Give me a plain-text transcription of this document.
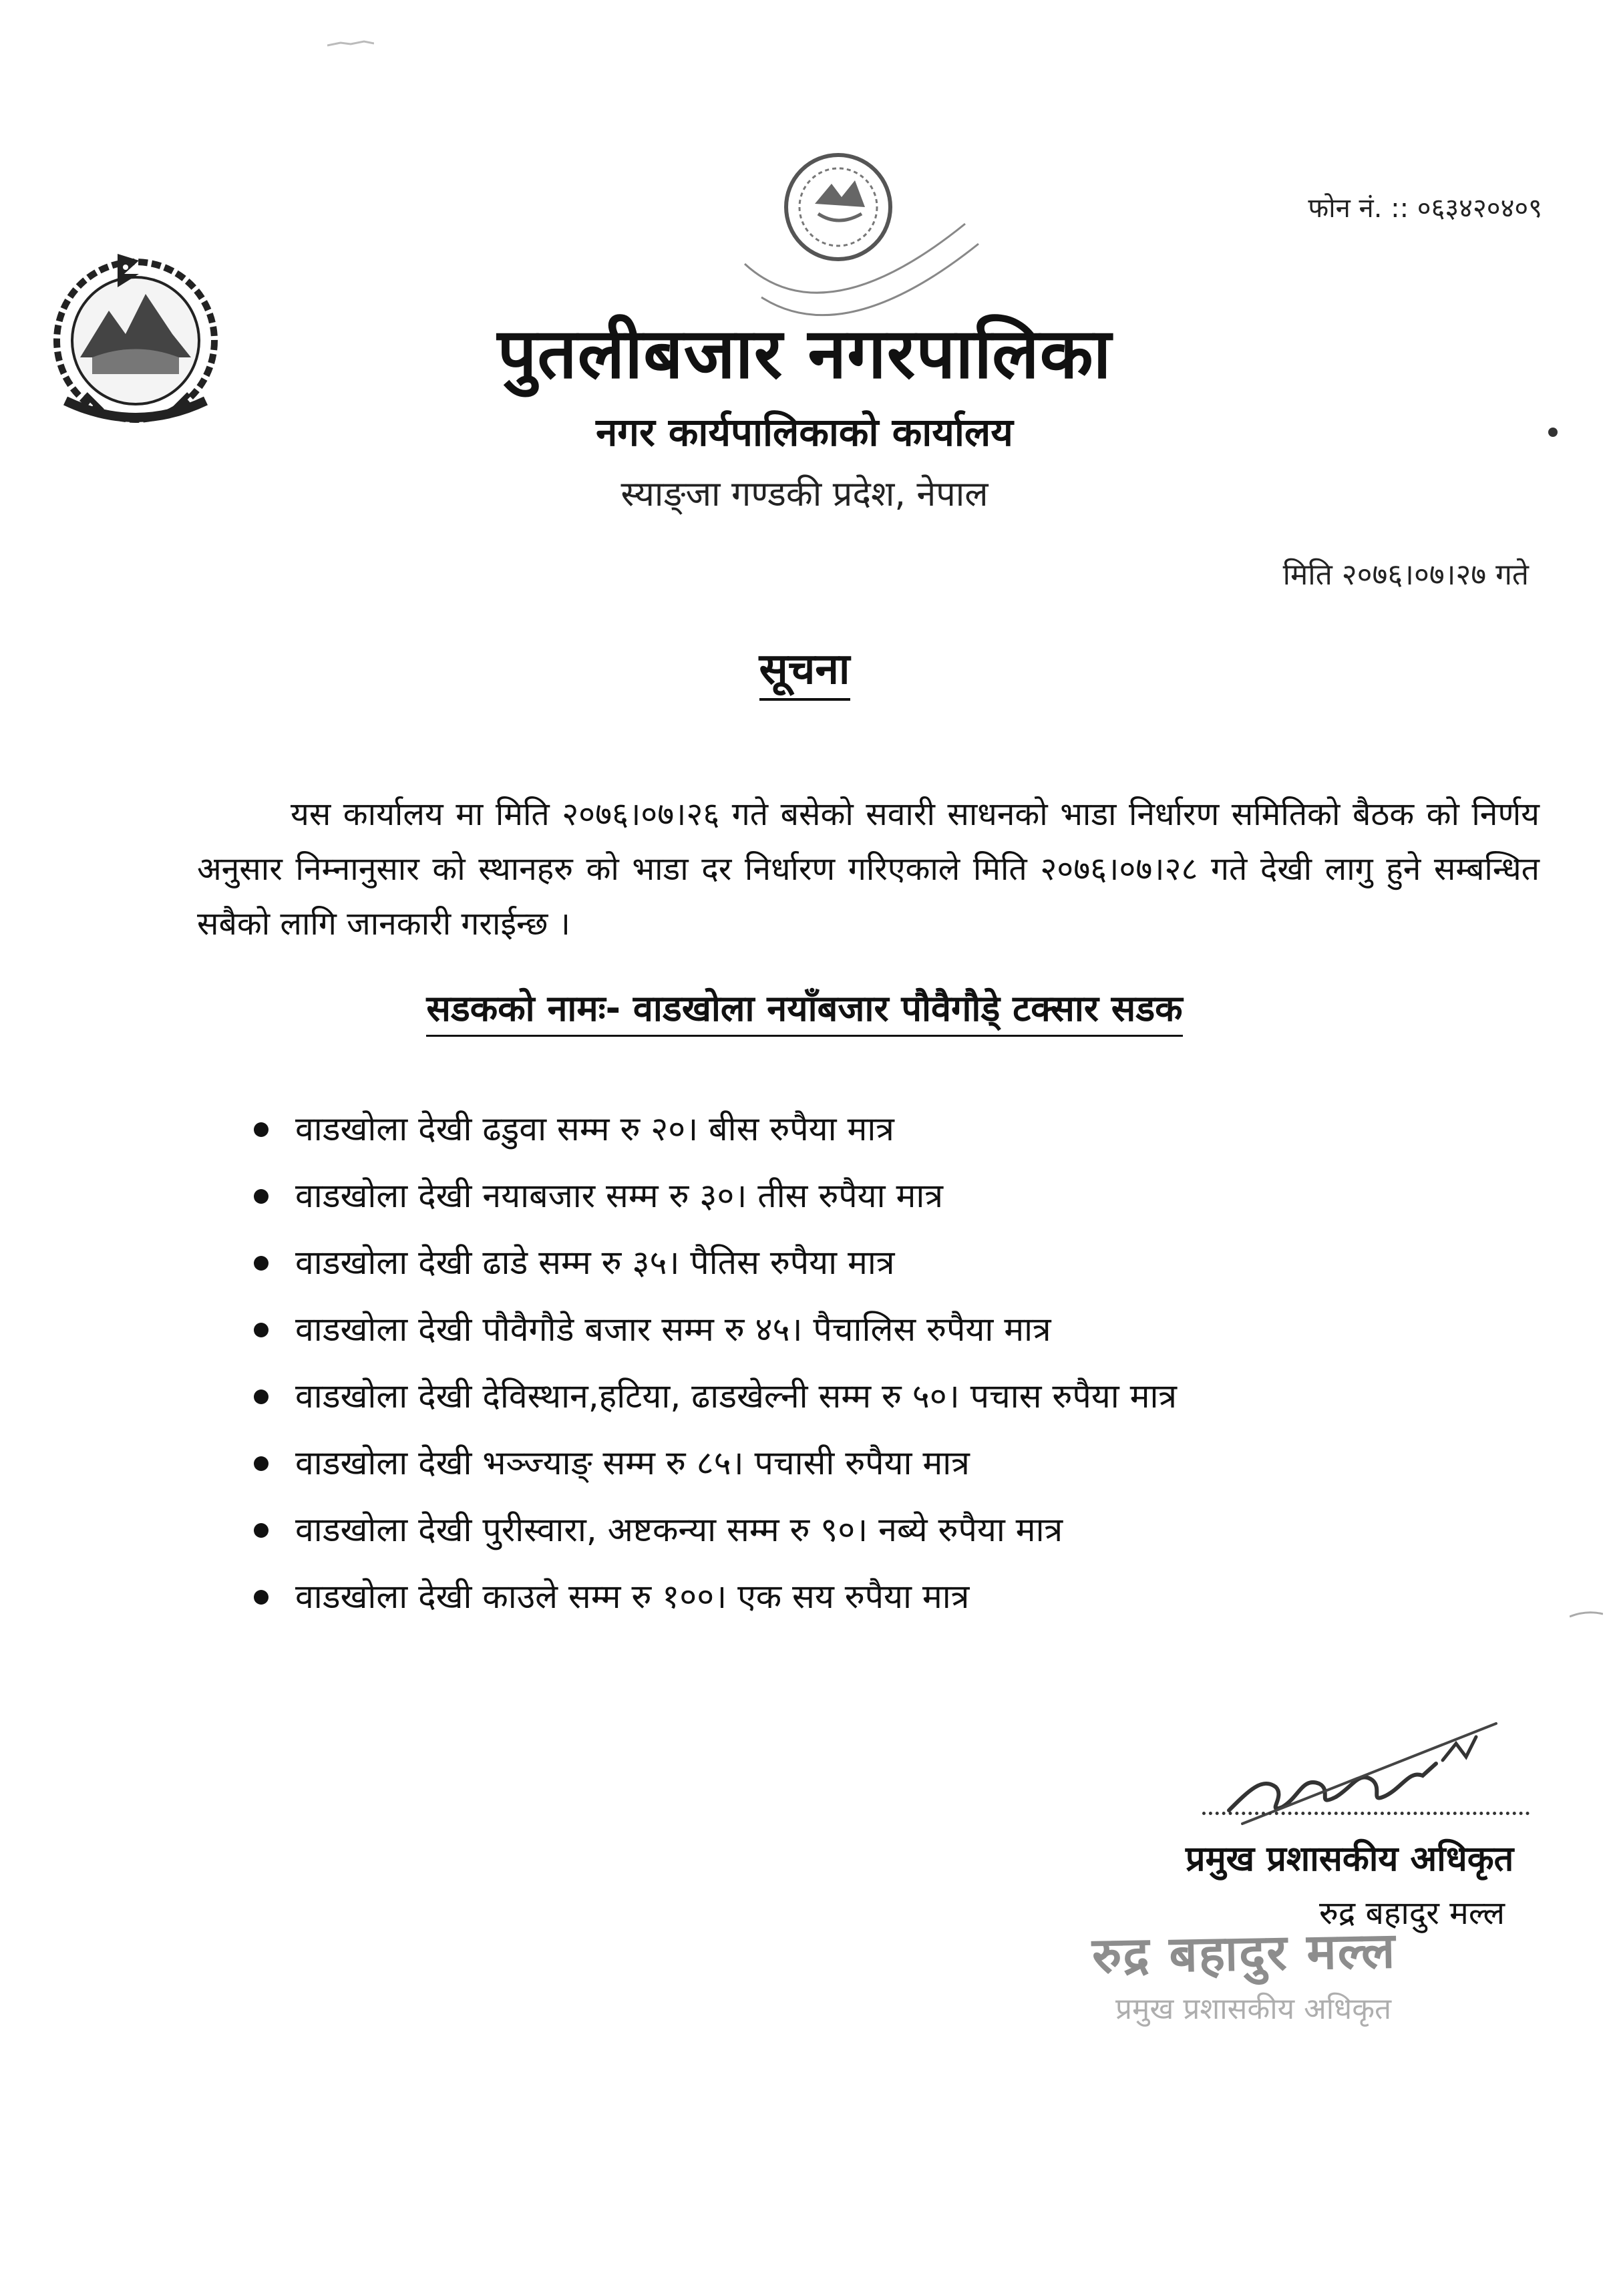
फोन नं. :: ०६३४२०४०९
पुतलीबजार नगरपालिका
नगर कार्यपालिकाको कार्यालय
स्याङ्जा गण्डकी प्रदेश, नेपाल
मिति २०७६।०७।२७ गते
सूचना
यस कार्यालय मा मिति २०७६।०७।२६ गते बसेको सवारी साधनको भाडा निर्धारण समितिको बैठक को निर्णय अनुसार निम्नानुसार को स्थानहरु को भाडा दर निर्धारण गरिएकाले मिति २०७६।०७।२८ गते देखी लागु हुने सम्बन्धित सबैको लागि जानकारी गराईन्छ ।
सडकको नामः- वाडखोला नयाँबजार पौवैगौडे् टक्सार सडक
वाडखोला देखी ढडुवा सम्म रु २०। बीस रुपैया मात्र
वाडखोला देखी नयाबजार सम्म रु ३०। तीस रुपैया मात्र
वाडखोला देखी ढाडे सम्म रु ३५। पैतिस रुपैया मात्र
वाडखोला देखी पौवैगौडे बजार सम्म रु ४५। पैचालिस रुपैया मात्र
वाडखोला देखी देविस्थान,हटिया, ढाडखेल्नी सम्म रु ५०। पचास रुपैया मात्र
वाडखोला देखी भञ्ज्याङ् सम्म रु ८५। पचासी रुपैया मात्र
वाडखोला देखी पुरीस्वारा, अष्टकन्या सम्म रु ९०। नब्ये रुपैया मात्र
वाडखोला देखी काउले सम्म रु १००। एक सय रुपैया मात्र
प्रमुख प्रशासकीय अधिकृत
रुद्र बहादुर मल्ल
रुद्र बहादुर मल्ल
प्रमुख प्रशासकीय अधिकृत
